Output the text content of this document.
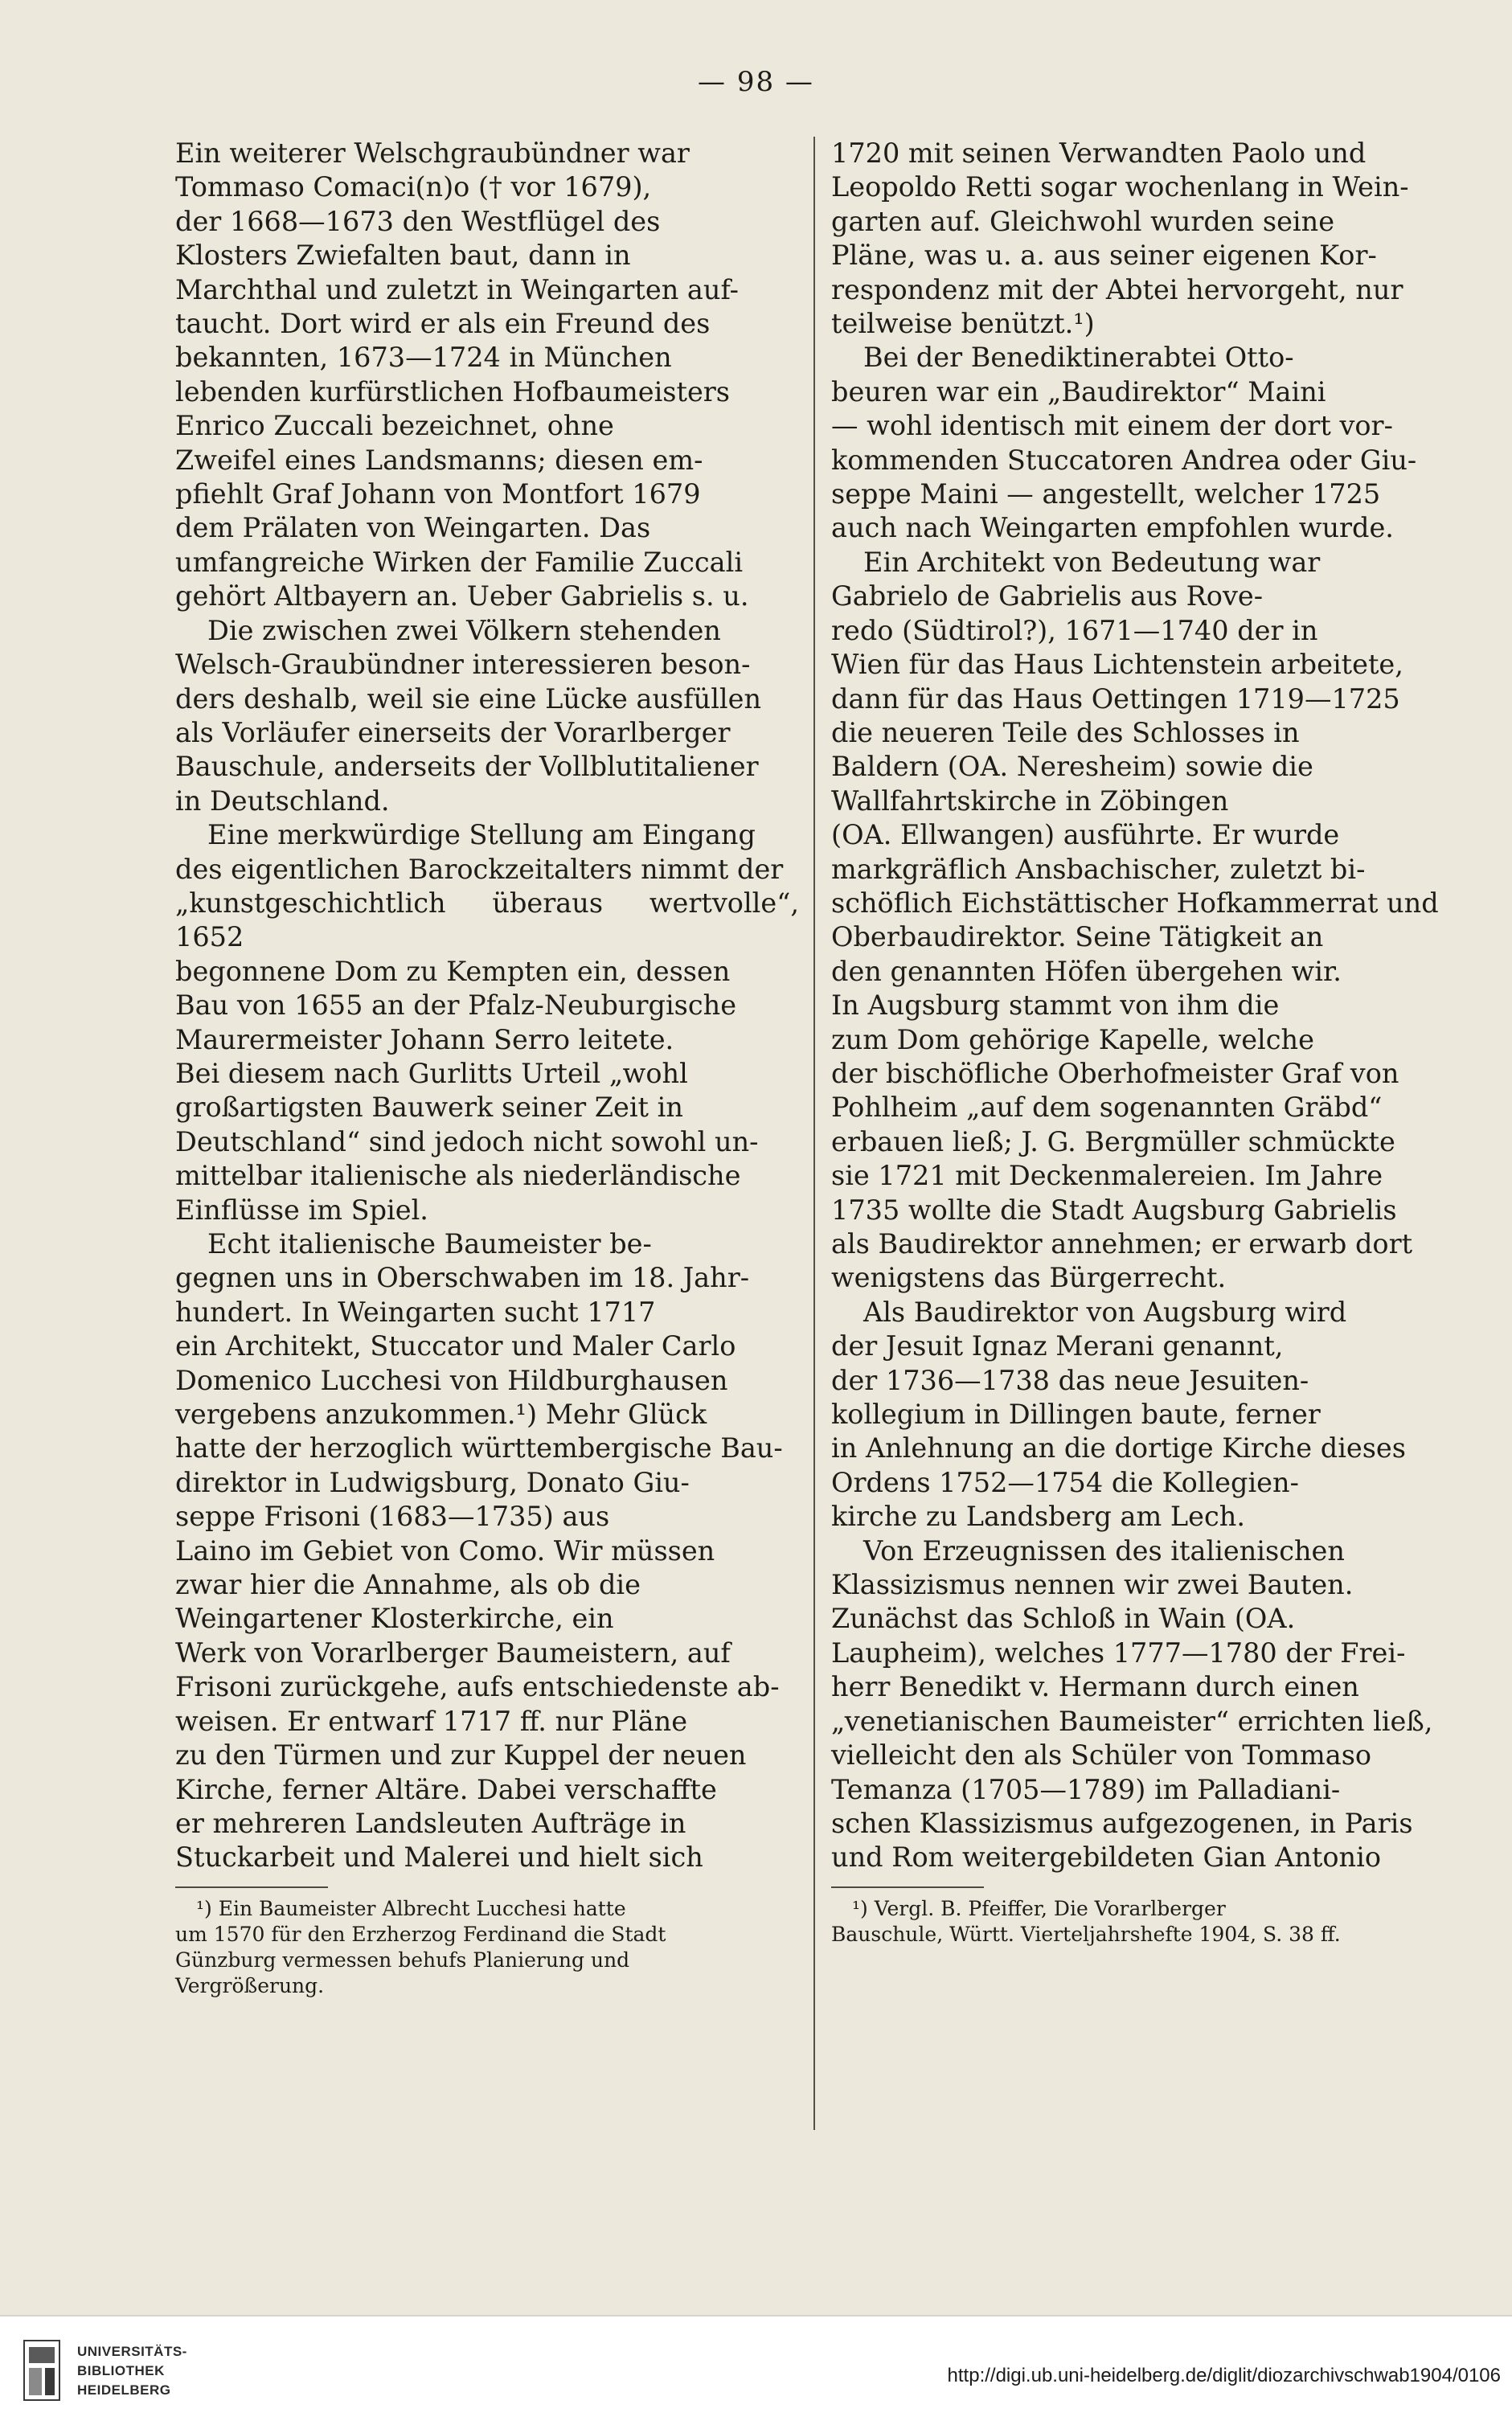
— 98 —

Ein weiterer Welschgraubündner war
Tommaso Comaci(n)o († vor 1679),
der 1668—1673 den Westflügel des
Klosters Zwiefalten baut, dann in
Marchthal und zuletzt in Weingarten auf-
taucht. Dort wird er als ein Freund des
bekannten, 1673—1724 in München
lebenden kurfürstlichen Hofbaumeisters
Enrico Zuccali bezeichnet, ohne
Zweifel eines Landsmanns; diesen em-
pfiehlt Graf Johann von Montfort 1679
dem Prälaten von Weingarten. Das
umfangreiche Wirken der Familie Zuccali
gehört Altbayern an. Ueber Gabrielis s. u.

Die zwischen zwei Völkern stehenden
Welsch-Graubündner interessieren beson-
ders deshalb, weil sie eine Lücke ausfüllen
als Vorläufer einerseits der Vorarlberger
Bauschule, anderseits der Vollblutitaliener
in Deutschland.

Eine merkwürdige Stellung am Eingang
des eigentlichen Barockzeitalters nimmt der
„kunstgeschichtlich überaus wertvolle“, 1652
begonnene Dom zu Kempten ein, dessen
Bau von 1655 an der Pfalz-Neuburgische
Maurermeister Johann Serro leitete.
Bei diesem nach Gurlitts Urteil „wohl
großartigsten Bauwerk seiner Zeit in
Deutschland“ sind jedoch nicht sowohl un-
mittelbar italienische als niederländische
Einflüsse im Spiel.

Echt italienische Baumeister be-
gegnen uns in Oberschwaben im 18. Jahr-
hundert. In Weingarten sucht 1717
ein Architekt, Stuccator und Maler Carlo
Domenico Lucchesi von Hildburghausen
vergebens anzukommen.¹) Mehr Glück
hatte der herzoglich württembergische Bau-
direktor in Ludwigsburg, Donato Giu-
seppe Frisoni (1683—1735) aus
Laino im Gebiet von Como. Wir müssen
zwar hier die Annahme, als ob die
Weingartener Klosterkirche, ein
Werk von Vorarlberger Baumeistern, auf
Frisoni zurückgehe, aufs entschiedenste ab-
weisen. Er entwarf 1717 ff. nur Pläne
zu den Türmen und zur Kuppel der neuen
Kirche, ferner Altäre. Dabei verschaffte
er mehreren Landsleuten Aufträge in
Stuckarbeit und Malerei und hielt sich

¹) Ein Baumeister Albrecht Lucchesi hatte
um 1570 für den Erzherzog Ferdinand die Stadt
Günzburg vermessen behufs Planierung und
Vergrößerung.

1720 mit seinen Verwandten Paolo und
Leopoldo Retti sogar wochenlang in Wein-
garten auf. Gleichwohl wurden seine
Pläne, was u. a. aus seiner eigenen Kor-
respondenz mit der Abtei hervorgeht, nur
teilweise benützt.¹)

Bei der Benediktinerabtei Otto-
beuren war ein „Baudirektor“ Maini
— wohl identisch mit einem der dort vor-
kommenden Stuccatoren Andrea oder Giu-
seppe Maini — angestellt, welcher 1725
auch nach Weingarten empfohlen wurde.

Ein Architekt von Bedeutung war
Gabrielo de Gabrielis aus Rove-
redo (Südtirol?), 1671—1740 der in
Wien für das Haus Lichtenstein arbeitete,
dann für das Haus Oettingen 1719—1725
die neueren Teile des Schlosses in
Baldern (OA. Neresheim) sowie die
Wallfahrtskirche in Zöbingen
(OA. Ellwangen) ausführte. Er wurde
markgräflich Ansbachischer, zuletzt bi-
schöflich Eichstättischer Hofkammerrat und
Oberbaudirektor. Seine Tätigkeit an
den genannten Höfen übergehen wir.
In Augsburg stammt von ihm die
zum Dom gehörige Kapelle, welche
der bischöfliche Oberhofmeister Graf von
Pohlheim „auf dem sogenannten Gräbd“
erbauen ließ; J. G. Bergmüller schmückte
sie 1721 mit Deckenmalereien. Im Jahre
1735 wollte die Stadt Augsburg Gabrielis
als Baudirektor annehmen; er erwarb dort
wenigstens das Bürgerrecht.

Als Baudirektor von Augsburg wird
der Jesuit Ignaz Merani genannt,
der 1736—1738 das neue Jesuiten-
kollegium in Dillingen baute, ferner
in Anlehnung an die dortige Kirche dieses
Ordens 1752—1754 die Kollegien-
kirche zu Landsberg am Lech.

Von Erzeugnissen des italienischen
Klassizismus nennen wir zwei Bauten.
Zunächst das Schloß in Wain (OA.
Laupheim), welches 1777—1780 der Frei-
herr Benedikt v. Hermann durch einen
„venetianischen Baumeister“ errichten ließ,
vielleicht den als Schüler von Tommaso
Temanza (1705—1789) im Palladiani-
schen Klassizismus aufgezogenen, in Paris
und Rom weitergebildeten Gian Antonio

¹) Vergl. B. Pfeiffer, Die Vorarlberger
Bauschule, Württ. Vierteljahrshefte 1904, S. 38 ff.

UNIVERSITÄTS-
BIBLIOTHEK
HEIDELBERG
http://digi.ub.uni-heidelberg.de/diglit/diozarchivschwab1904/0106
